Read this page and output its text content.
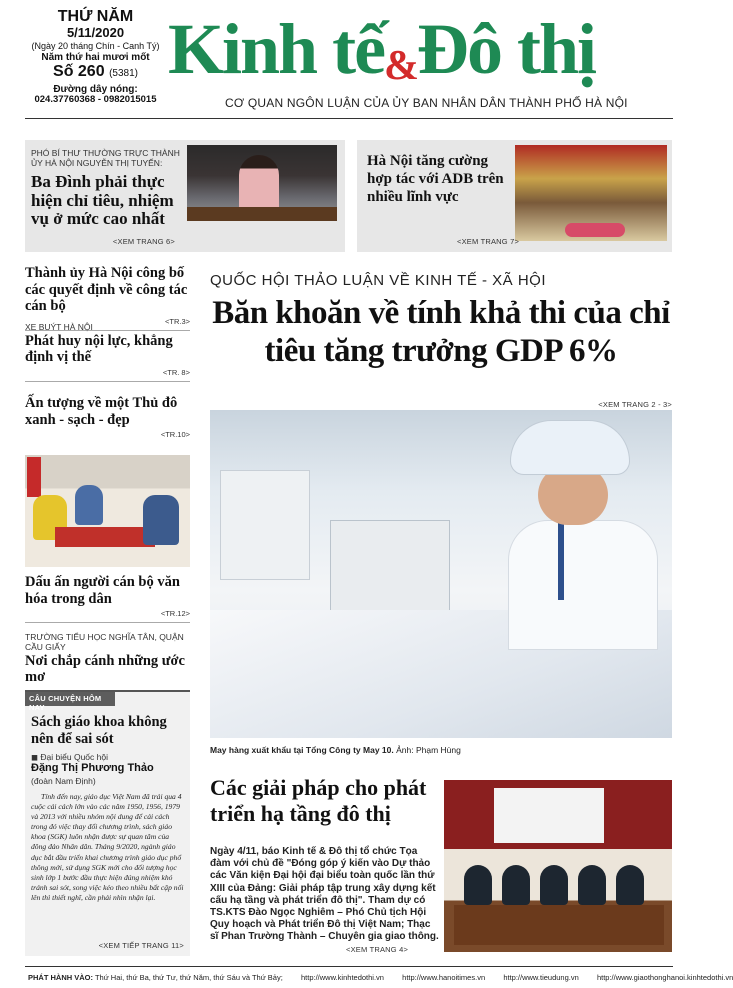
THỨ NĂM
5/11/2020
(Ngày 20 tháng Chín - Canh Tý)
Năm thứ hai mươi mốt
Số 260 (5381)
Đường dây nóng:
024.37760368 - 0982015015
Kinh tế&Đô thị
CƠ QUAN NGÔN LUẬN CỦA ỦY BAN NHÂN DÂN THÀNH PHỐ HÀ NỘI
PHÓ BÍ THƯ THƯỜNG TRỰC THÀNH ỦY HÀ NỘI NGUYỄN THỊ TUYẾN:
Ba Đình phải thực hiện chỉ tiêu, nhiệm vụ ở mức cao nhất
<XEM TRANG 6>
Hà Nội tăng cường hợp tác với ADB trên nhiều lĩnh vực
<XEM TRANG 7>
Thành ủy Hà Nội công bố các quyết định về công tác cán bộ
<TR.3>
XE BUÝT HÀ NỘI
Phát huy nội lực, khẳng định vị thế
<TR. 8>
Ấn tượng về một Thủ đô xanh - sạch - đẹp
<TR.10>
Dấu ấn người cán bộ văn hóa trong dân
<TR.12>
TRƯỜNG TIỂU HỌC NGHĨA TÂN, QUẬN CẦU GIẤY
Nơi chắp cánh những ước mơ
CÂU CHUYỆN HÔM NAY
Sách giáo khoa không nên để sai sót
◼ Đại biểu Quốc hội
Đặng Thị Phương Thảo
(đoàn Nam Định)
Tính đến nay, giáo dục Việt Nam đã trải qua 4 cuộc cải cách lớn vào các năm 1950, 1956, 1979 và 2013 với nhiều nhóm nội dung để cải cách trong đó việc thay đổi chương trình, sách giáo khoa (SGK) luôn nhận được sự quan tâm của đông đảo Nhân dân. Tháng 9/2020, ngành giáo dục bắt đầu triển khai chương trình giáo dục phổ thông mới, sử dụng SGK mới cho đối tượng học sinh lớp 1 bước đầu thực hiện đúng nhiệm khó tránh sai sót, song việc kéo theo nhiều bất cập nối lên thì thiết nghĩ, cần phải nhìn nhận lại.
<XEM TIẾP TRANG 11>
QUỐC HỘI THẢO LUẬN VỀ KINH TẾ - XÃ HỘI
Băn khoăn về tính khả thi của chỉ tiêu tăng trưởng GDP 6%
<XEM TRANG 2 - 3>
May hàng xuất khẩu tại Tổng Công ty May 10. Ảnh: Phạm Hùng
Các giải pháp cho phát triển hạ tầng đô thị
Ngày 4/11, báo Kinh tế & Đô thị tổ chức Tọa đàm với chủ đề "Đóng góp ý kiến vào Dự thảo các Văn kiện Đại hội đại biểu toàn quốc lần thứ XIII của Đảng: Giải pháp tập trung xây dựng kết cấu hạ tầng và phát triển đô thị". Tham dự có TS.KTS Đào Ngọc Nghiêm – Phó Chủ tịch Hội Quy hoạch và Phát triển Đô thị Việt Nam; Thạc sĩ Phan Trường Thành – Chuyên gia giao thông.
<XEM TRANG 4>
PHÁT HÀNH VÀO: Thứ Hai, thứ Ba, thứ Tư, thứ Năm, thứ Sáu và Thứ Bảy; http://www.kinhtedothi.vn http://www.hanoitimes.vn http://www.tieudung.vn http://www.giaothonghanoi.kinhtedothi.vn
